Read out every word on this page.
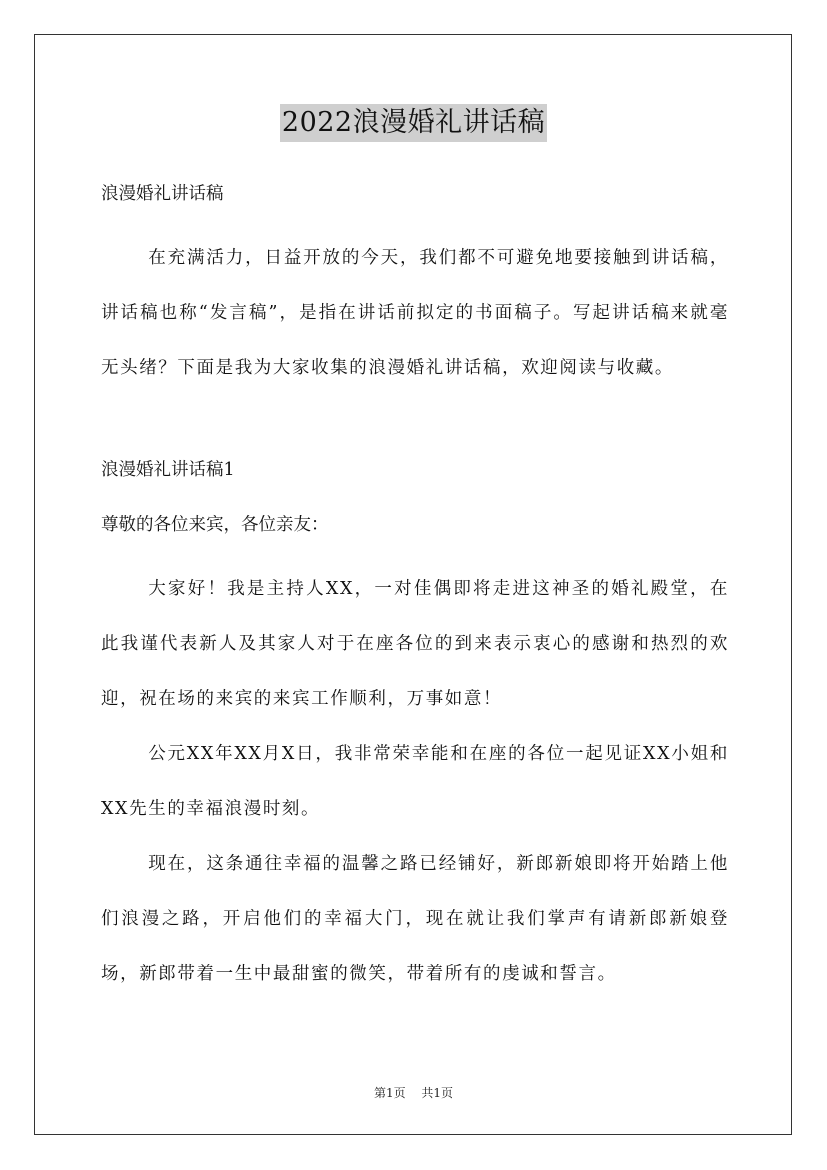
2022浪漫婚礼讲话稿

浪漫婚礼讲话稿

在充满活力，日益开放的今天，我们都不可避免地要接触到讲话稿，讲话稿也称“发言稿”，是指在讲话前拟定的书面稿子。写起讲话稿来就毫无头绪？下面是我为大家收集的浪漫婚礼讲话稿，欢迎阅读与收藏。

浪漫婚礼讲话稿1

尊敬的各位来宾，各位亲友：

大家好！我是主持人XX，一对佳偶即将走进这神圣的婚礼殿堂，在此我谨代表新人及其家人对于在座各位的到来表示衷心的感谢和热烈的欢迎，祝在场的来宾的来宾工作顺利，万事如意！

公元XX年XX月X日，我非常荣幸能和在座的各位一起见证XX小姐和XX先生的幸福浪漫时刻。

现在，这条通往幸福的温馨之路已经铺好，新郎新娘即将开始踏上他们浪漫之路，开启他们的幸福大门，现在就让我们掌声有请新郎新娘登场，新郎带着一生中最甜蜜的微笑，带着所有的虔诚和誓言。

第1页 共1页
